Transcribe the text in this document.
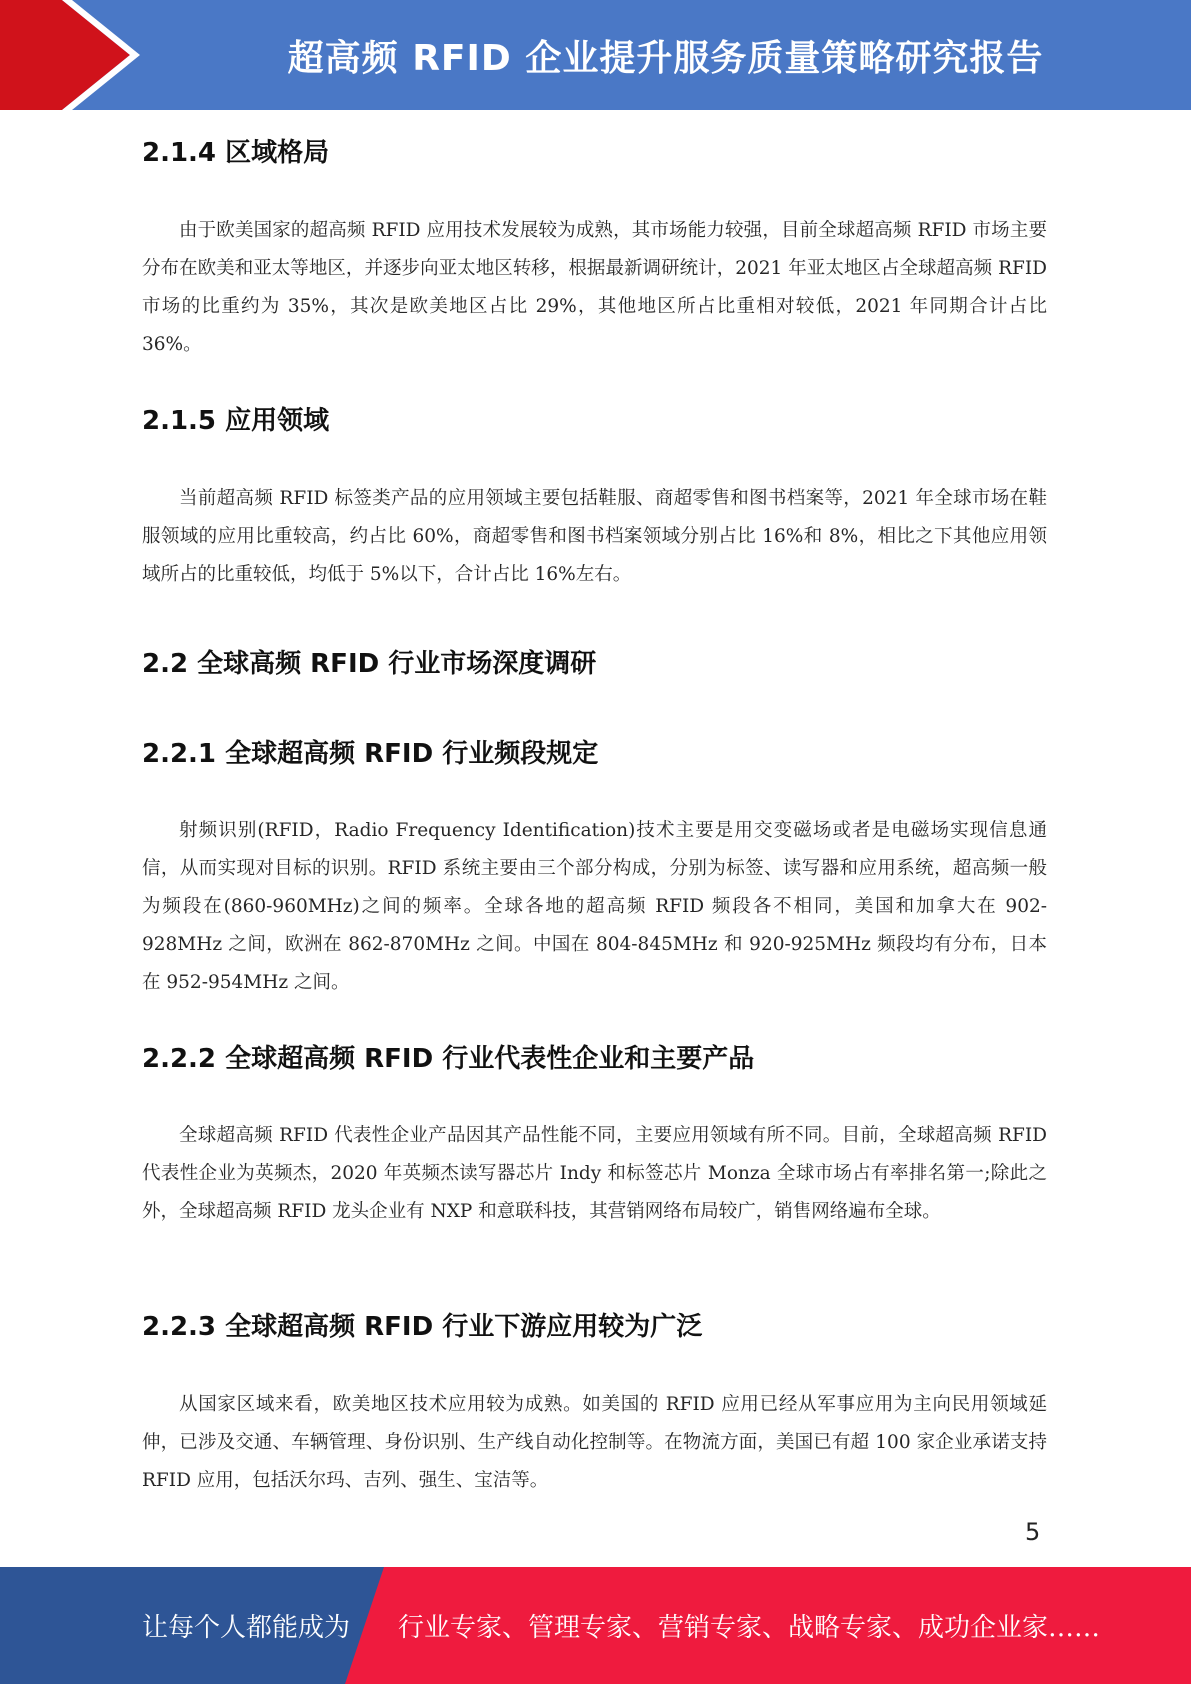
超高频 RFID 企业提升服务质量策略研究报告
2.1.4 区域格局

由于欧美国家的超高频 RFID 应用技术发展较为成熟，其市场能力较强，目前全球超高频 RFID 市场主要分布在欧美和亚太等地区，并逐步向亚太地区转移，根据最新调研统计，2021 年亚太地区占全球超高频 RFID 市场的比重约为 35%，其次是欧美地区占比 29%，其他地区所占比重相对较低，2021 年同期合计占比 36%。

2.1.5 应用领域

当前超高频 RFID 标签类产品的应用领域主要包括鞋服、商超零售和图书档案等，2021 年全球市场在鞋服领域的应用比重较高，约占比 60%，商超零售和图书档案领域分别占比 16%和 8%，相比之下其他应用领域所占的比重较低，均低于 5%以下，合计占比 16%左右。

2.2 全球高频 RFID 行业市场深度调研
2.2.1 全球超高频 RFID 行业频段规定

射频识别(RFID，Radio Frequency Identification)技术主要是用交变磁场或者是电磁场实现信息通信，从而实现对目标的识别。RFID 系统主要由三个部分构成，分别为标签、读写器和应用系统，超高频一般为频段在(860-960MHz)之间的频率。全球各地的超高频 RFID 频段各不相同，美国和加拿大在 902-928MHz 之间，欧洲在 862-870MHz 之间。中国在 804-845MHz 和 920-925MHz 频段均有分布，日本在 952-954MHz 之间。

2.2.2 全球超高频 RFID 行业代表性企业和主要产品

全球超高频 RFID 代表性企业产品因其产品性能不同，主要应用领域有所不同。目前，全球超高频 RFID 代表性企业为英频杰，2020 年英频杰读写器芯片 Indy 和标签芯片 Monza 全球市场占有率排名第一;除此之外，全球超高频 RFID 龙头企业有 NXP 和意联科技，其营销网络布局较广，销售网络遍布全球。

2.2.3 全球超高频 RFID 行业下游应用较为广泛

从国家区域来看，欧美地区技术应用较为成熟。如美国的 RFID 应用已经从军事应用为主向民用领域延伸，已涉及交通、车辆管理、身份识别、生产线自动化控制等。在物流方面，美国已有超 100 家企业承诺支持 RFID 应用，包括沃尔玛、吉列、强生、宝洁等。

5
让每个人都能成为 行业专家、管理专家、营销专家、战略专家、成功企业家……
